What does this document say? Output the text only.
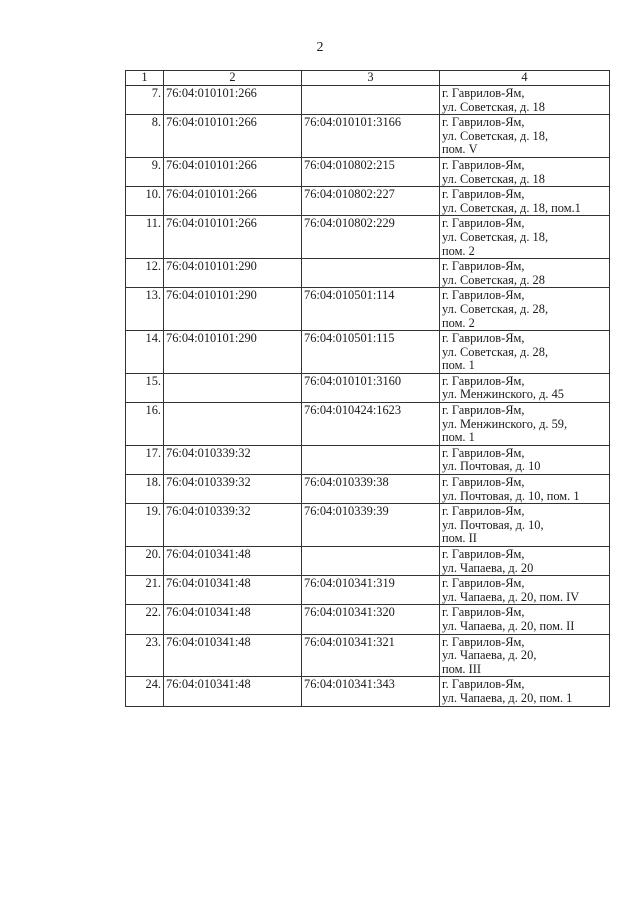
2
1	2	3	4
7.	76:04:010101:266		г. Гаврилов-Ям,
ул. Советская, д. 18

8.	76:04:010101:266	76:04:010101:3166	г. Гаврилов-Ям,
ул. Советская, д. 18,
пом. V

9.	76:04:010101:266	76:04:010802:215	г. Гаврилов-Ям,
ул. Советская, д. 18

10.	76:04:010101:266	76:04:010802:227	г. Гаврилов-Ям,
ул. Советская, д. 18, пом.1

11.	76:04:010101:266	76:04:010802:229	г. Гаврилов-Ям,
ул. Советская, д. 18,
пом. 2

12.	76:04:010101:290		г. Гаврилов-Ям,
ул. Советская, д. 28

13.	76:04:010101:290	76:04:010501:114	г. Гаврилов-Ям,
ул. Советская, д. 28,
пом. 2

14.	76:04:010101:290	76:04:010501:115	г. Гаврилов-Ям,
ул. Советская, д. 28,
пом. 1

15.		76:04:010101:3160	г. Гаврилов-Ям,
ул. Менжинского, д. 45

16.		76:04:010424:1623	г. Гаврилов-Ям,
ул. Менжинского, д. 59,
пом. 1

17.	76:04:010339:32		г. Гаврилов-Ям,
ул. Почтовая, д. 10

18.	76:04:010339:32	76:04:010339:38	г. Гаврилов-Ям,
ул. Почтовая, д. 10, пом. 1

19.	76:04:010339:32	76:04:010339:39	г. Гаврилов-Ям,
ул. Почтовая, д. 10,
пом. II

20.	76:04:010341:48		г. Гаврилов-Ям,
ул. Чапаева, д. 20

21.	76:04:010341:48	76:04:010341:319	г. Гаврилов-Ям,
ул. Чапаева, д. 20, пом. IV

22.	76:04:010341:48	76:04:010341:320	г. Гаврилов-Ям,
ул. Чапаева, д. 20, пом. II

23.	76:04:010341:48	76:04:010341:321	г. Гаврилов-Ям,
ул. Чапаева, д. 20,
пом. III

24.	76:04:010341:48	76:04:010341:343	г. Гаврилов-Ям,
ул. Чапаева, д. 20, пом. 1
